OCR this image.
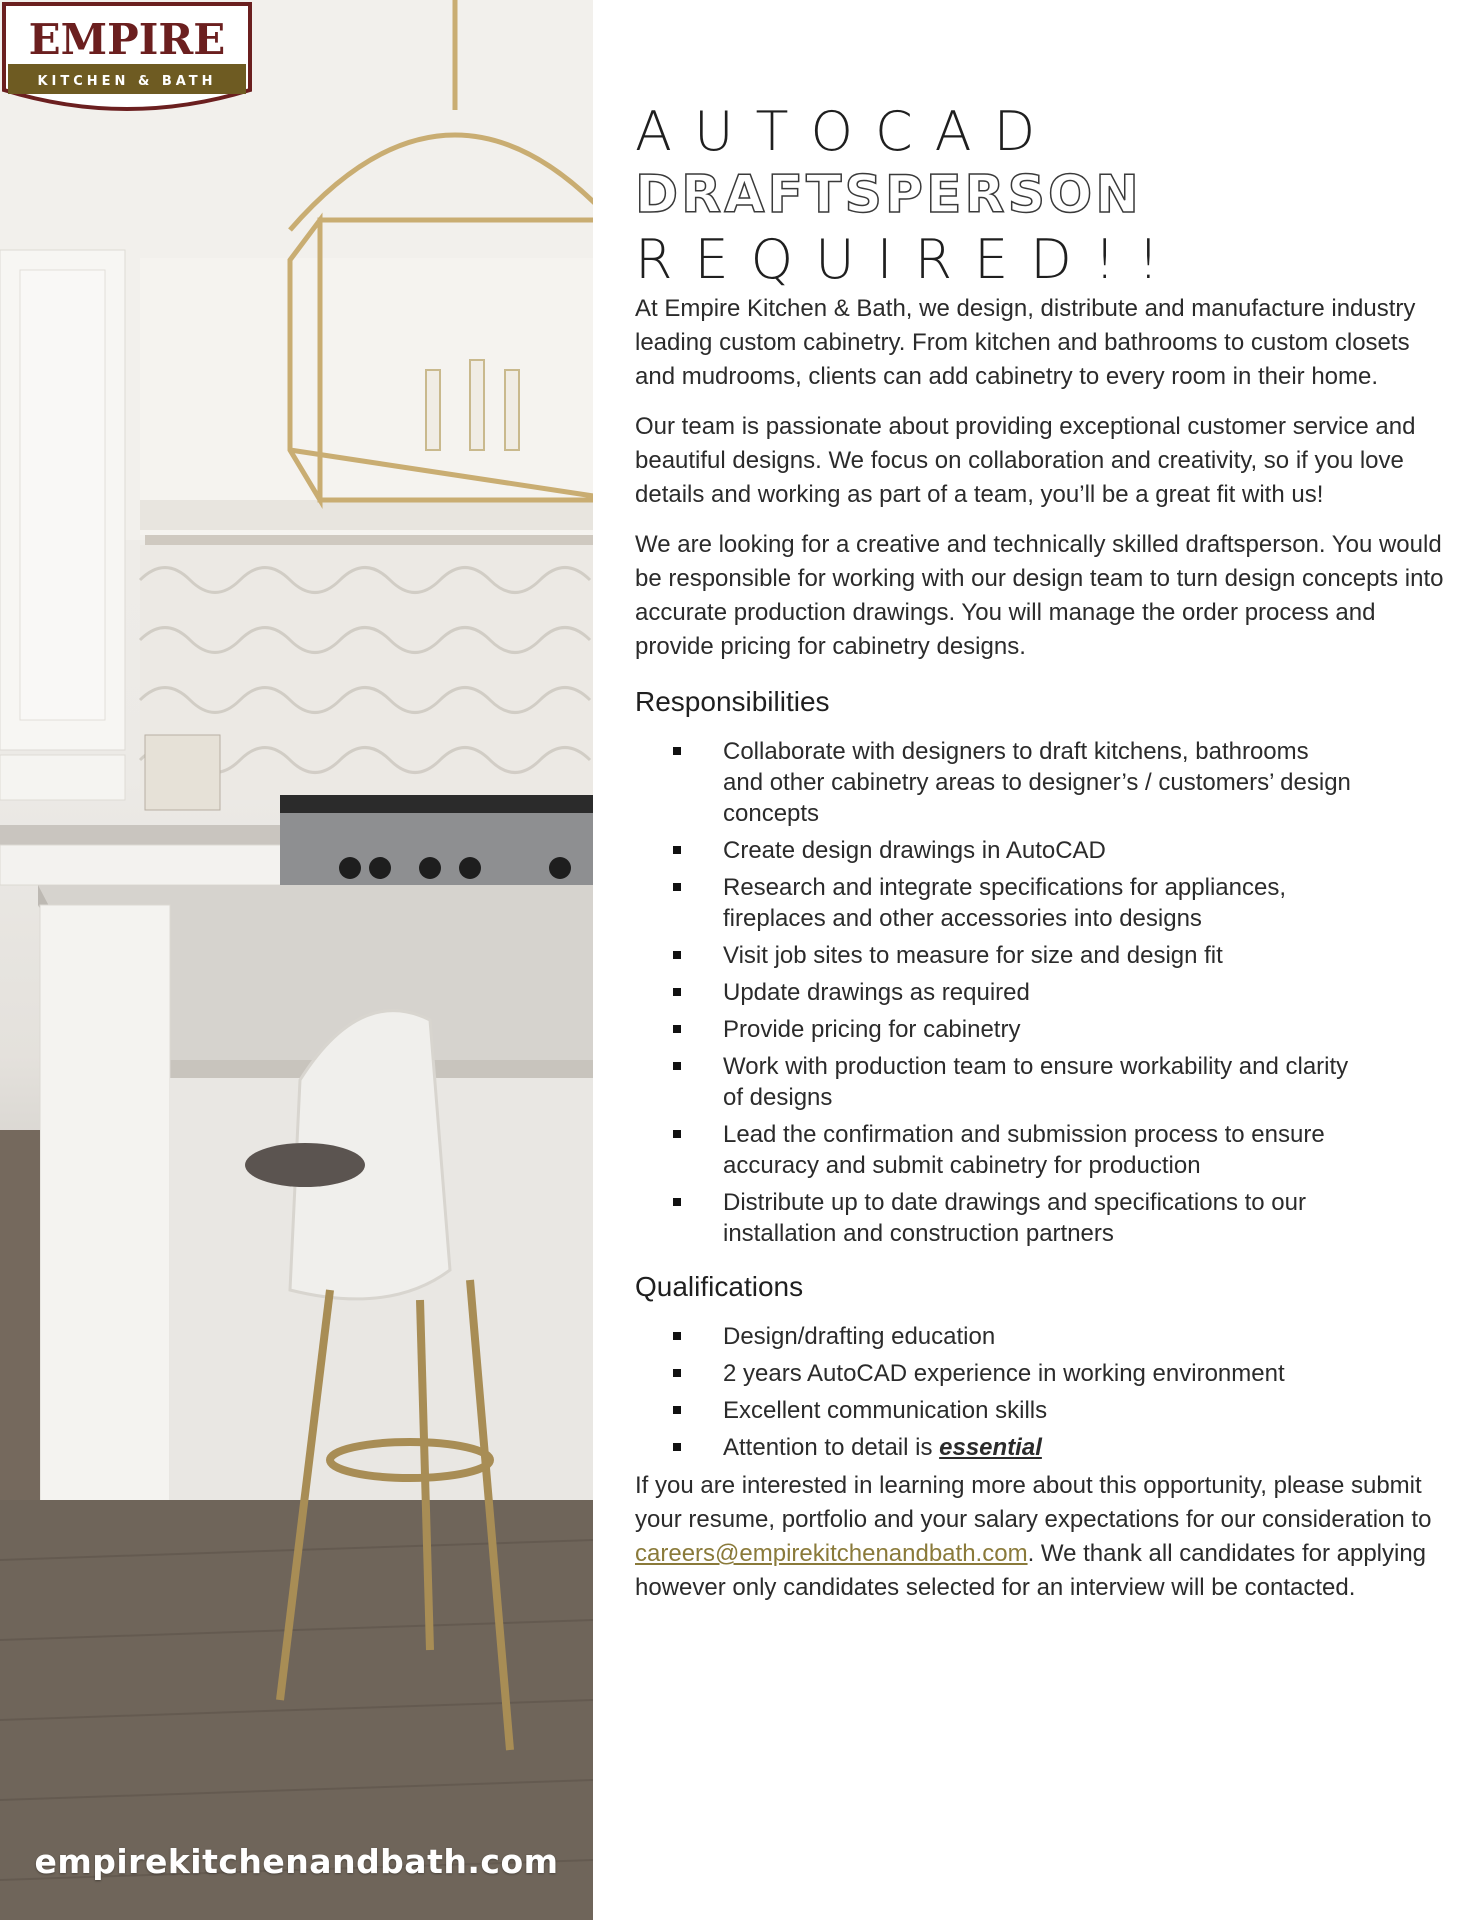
EMPIRE
KITCHEN & BATH
empirekitchenandbath.com
AUTOCAD
DRAFTSPERSON
REQUIRED!!

At Empire Kitchen & Bath, we design, distribute and manufacture industry leading custom cabinetry. From kitchen and bathrooms to custom closets and mudrooms, clients can add cabinetry to every room in their home.

Our team is passionate about providing exceptional customer service and beautiful designs. We focus on collaboration and creativity, so if you love details and working as part of a team, you’ll be a great fit with us!

We are looking for a creative and technically skilled draftsperson. You would be responsible for working with our design team to turn design concepts into accurate production drawings. You will manage the order process and provide pricing for cabinetry designs.

Responsibilities
Collaborate with designers to draft kitchens, bathrooms and other cabinetry areas to designer’s / customers’ design concepts
Create design drawings in AutoCAD
Research and integrate specifications for appliances, fireplaces and other accessories into designs
Visit job sites to measure for size and design fit
Update drawings as required
Provide pricing for cabinetry
Work with production team to ensure workability and clarity of designs
Lead the confirmation and submission process to ensure accuracy and submit cabinetry for production
Distribute up to date drawings and specifications to our installation and construction partners
Qualifications
Design/drafting education
2 years AutoCAD experience in working environment
Excellent communication skills
Attention to detail is essential

If you are interested in learning more about this opportunity, please submit your resume, portfolio and your salary expectations for our consideration to careers@empirekitchenandbath.com. We thank all candidates for applying however only candidates selected for an interview will be contacted.
